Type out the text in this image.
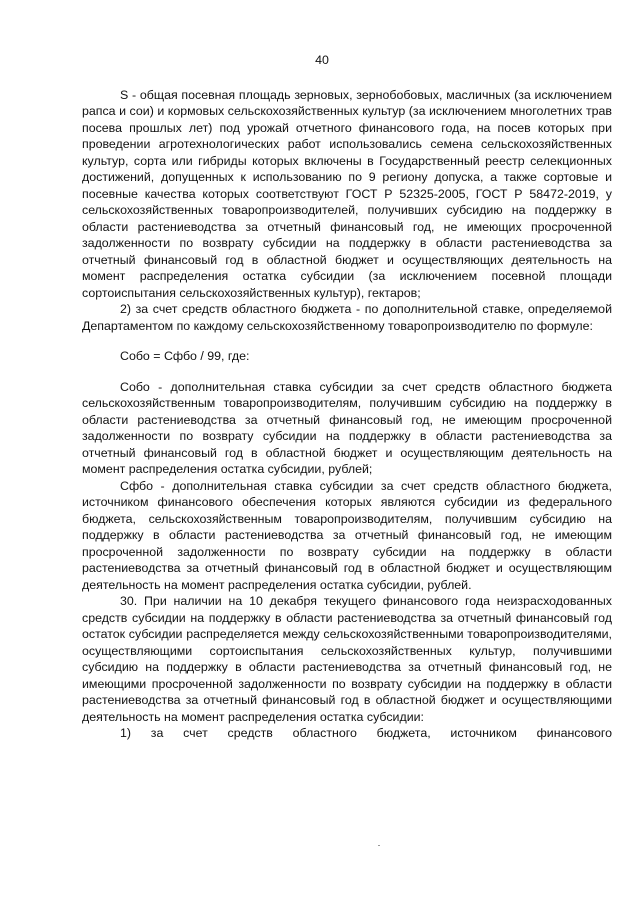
40

S - общая посевная площадь зерновых, зернобобовых, масличных (за исключением рапса и сои) и кормовых сельскохозяйственных культур (за исключением многолетних трав посева прошлых лет) под урожай отчетного финансового года, на посев которых при проведении агротехнологических работ использовались семена сельскохозяйственных культур, сорта или гибриды которых включены в Государственный реестр селекционных достижений, допущенных к использованию по 9 региону допуска, а также сортовые и посевные качества которых соответствуют ГОСТ Р 52325-2005, ГОСТ Р 58472-2019, у сельскохозяйственных товаропроизводителей, получивших субсидию на поддержку в области растениеводства за отчетный финансовый год, не имеющих просроченной задолженности по возврату субсидии на поддержку в области растениеводства за отчетный финансовый год в областной бюджет и осуществляющих деятельность на момент распределения остатка субсидии (за исключением посевной площади сортоиспытания сельскохозяйственных культур), гектаров;

2) за счет средств областного бюджета - по дополнительной ставке, определяемой Департаментом по каждому сельскохозяйственному товаропроизводителю по формуле:

Собо = Сфбо / 99, где:

Собо - дополнительная ставка субсидии за счет средств областного бюджета сельскохозяйственным товаропроизводителям, получившим субсидию на поддержку в области растениеводства за отчетный финансовый год, не имеющим просроченной задолженности по возврату субсидии на поддержку в области растениеводства за отчетный финансовый год в областной бюджет и осуществляющим деятельность на момент распределения остатка субсидии, рублей;

Сфбо - дополнительная ставка субсидии за счет средств областного бюджета, источником финансового обеспечения которых являются субсидии из федерального бюджета, сельскохозяйственным товаропроизводителям, получившим субсидию на поддержку в области растениеводства за отчетный финансовый год, не имеющим просроченной задолженности по возврату субсидии на поддержку в области растениеводства за отчетный финансовый год в областной бюджет и осуществляющим деятельность на момент распределения остатка субсидии, рублей.

30. При наличии на 10 декабря текущего финансового года неизрасходованных средств субсидии на поддержку в области растениеводства за отчетный финансовый год остаток субсидии распределяется между сельскохозяйственными товаропроизводителями, осуществляющими сортоиспытания сельскохозяйственных культур, получившими субсидию на поддержку в области растениеводства за отчетный финансовый год, не имеющими просроченной задолженности по возврату субсидии на поддержку в области растениеводства за отчетный финансовый год в областной бюджет и осуществляющими деятельность на момент распределения остатка субсидии:

1) за счет средств областного бюджета, источником финансового
